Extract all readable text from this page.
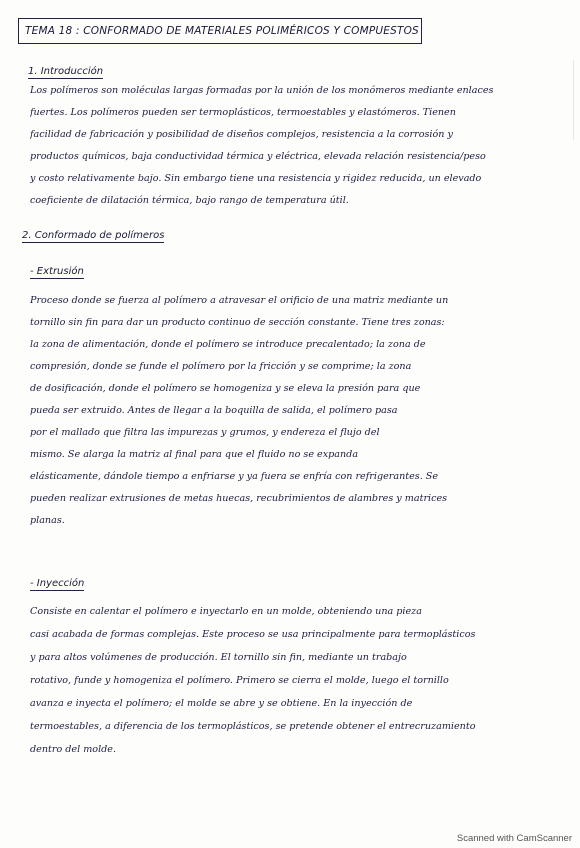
TEMA 18 : CONFORMADO DE MATERIALES POLIMÉRICOS Y COMPUESTOS
1. Introducción
Los polímeros son moléculas largas formadas por la unión de los monómeros mediante enlaces
fuertes. Los polímeros pueden ser termoplásticos, termoestables y elastómeros. Tienen
facilidad de fabricación y posibilidad de diseños complejos, resistencia a la corrosión y
productos químicos, baja conductividad térmica y eléctrica, elevada relación resistencia/peso
y costo relativamente bajo. Sin embargo tiene una resistencia y rigidez reducida, un elevado
coeficiente de dilatación térmica, bajo rango de temperatura útil.
2. Conformado de polímeros
- Extrusión
Proceso donde se fuerza al polímero a atravesar el orificio de una matriz mediante un
tornillo sin fin para dar un producto continuo de sección constante. Tiene tres zonas:
la zona de alimentación, donde el polímero se introduce precalentado; la zona de
compresión, donde se funde el polímero por la fricción y se comprime; la zona
de dosificación, donde el polímero se homogeniza y se eleva la presión para que
pueda ser extruido. Antes de llegar a la boquilla de salida, el polímero pasa
por el mallado que filtra las impurezas y grumos, y endereza el flujo del
mismo. Se alarga la matriz al final para que el fluido no se expanda
elásticamente, dándole tiempo a enfriarse y ya fuera se enfría con refrigerantes. Se
pueden realizar extrusiones de metas huecas, recubrimientos de alambres y matrices
planas.
- Inyección
Consiste en calentar el polímero e inyectarlo en un molde, obteniendo una pieza
casi acabada de formas complejas. Este proceso se usa principalmente para termoplásticos
y para altos volúmenes de producción. El tornillo sin fin, mediante un trabajo
rotativo, funde y homogeniza el polímero. Primero se cierra el molde, luego el tornillo
avanza e inyecta el polímero; el molde se abre y se obtiene. En la inyección de
termoestables, a diferencia de los termoplásticos, se pretende obtener el entrecruzamiento
dentro del molde.
Scanned with CamScanner
